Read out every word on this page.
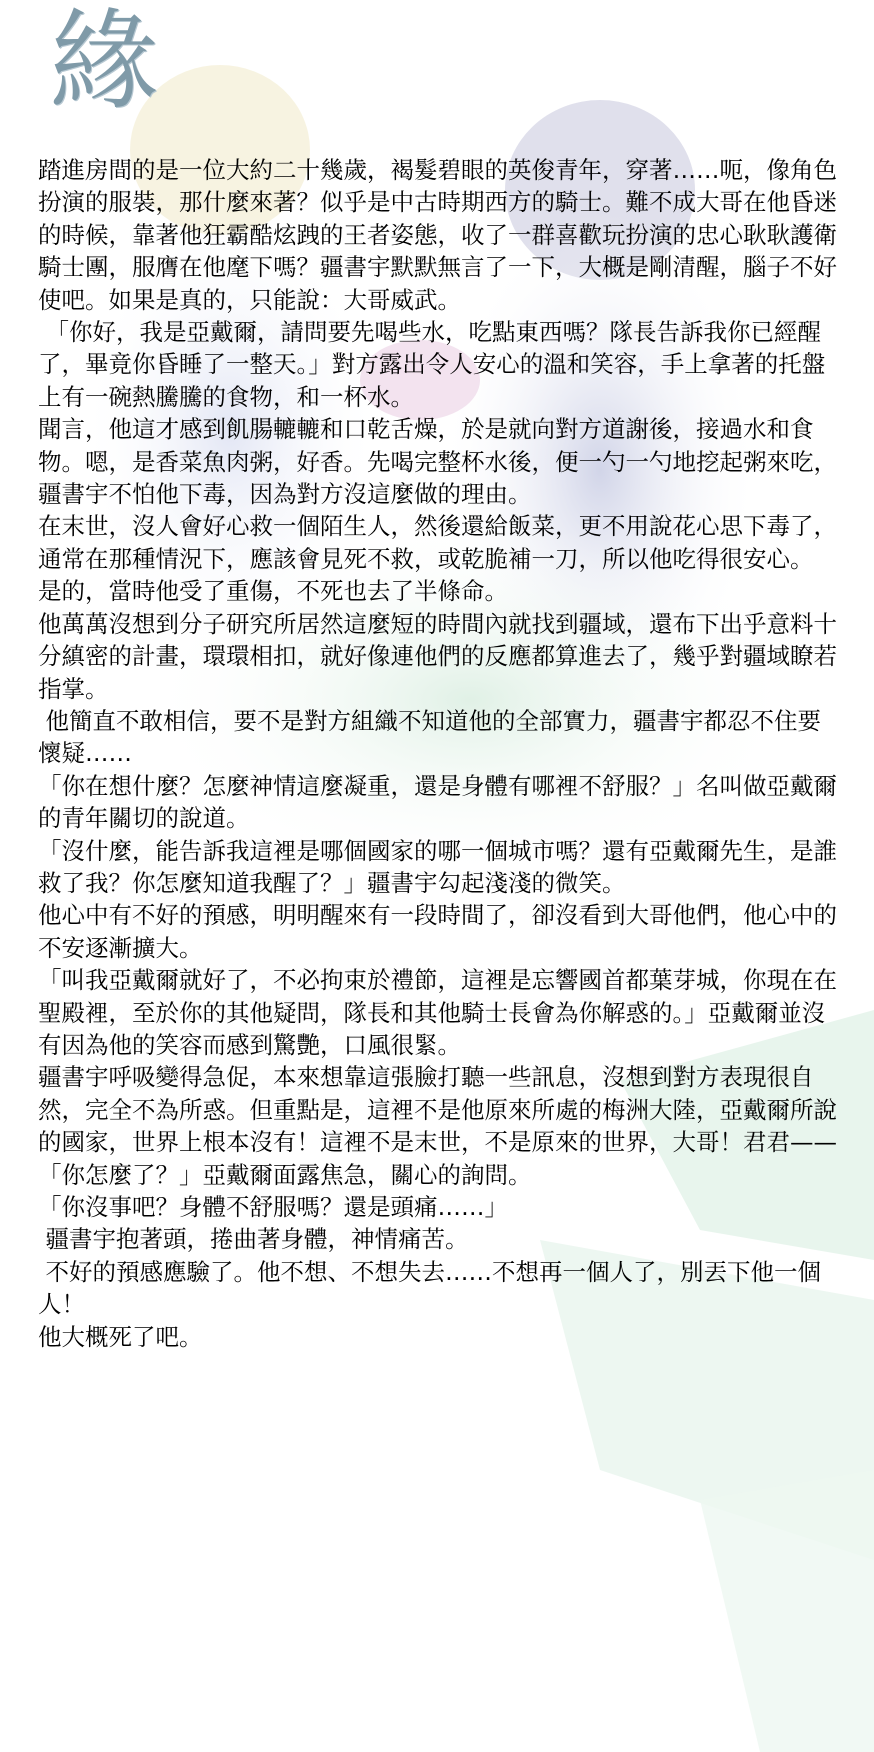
緣

踏進房間的是一位大約二十幾歲，褐髮碧眼的英俊青年，穿著……呃，像角色扮演的服裝，那什麼來著？似乎是中古時期西方的騎士。難不成大哥在他昏迷的時候，靠著他狂霸酷炫跩的王者姿態，收了一群喜歡玩扮演的忠心耿耿護衛騎士團，服膺在他麾下嗎？疆書宇默默無言了一下，大概是剛清醒，腦子不好使吧。如果是真的，只能說：大哥威武。

「你好，我是亞戴爾，請問要先喝些水，吃點東西嗎？隊長告訴我你已經醒了，畢竟你昏睡了一整天。」對方露出令人安心的溫和笑容，手上拿著的托盤上有一碗熱騰騰的食物，和一杯水。

聞言，他這才感到飢腸轆轆和口乾舌燥，於是就向對方道謝後，接過水和食物。嗯，是香菜魚肉粥，好香。先喝完整杯水後，便一勺一勺地挖起粥來吃，疆書宇不怕他下毒，因為對方沒這麼做的理由。

在末世，沒人會好心救一個陌生人，然後還給飯菜，更不用說花心思下毒了，通常在那種情況下，應該會見死不救，或乾脆補一刀，所以他吃得很安心。

是的，當時他受了重傷，不死也去了半條命。

他萬萬沒想到分子研究所居然這麼短的時間內就找到疆域，還布下出乎意料十分縝密的計畫，環環相扣，就好像連他們的反應都算進去了，幾乎對疆域瞭若指掌。

他簡直不敢相信，要不是對方組織不知道他的全部實力，疆書宇都忍不住要懷疑……

「你在想什麼？怎麼神情這麼凝重，還是身體有哪裡不舒服？」名叫做亞戴爾的青年關切的說道。

「沒什麼，能告訴我這裡是哪個國家的哪一個城市嗎？還有亞戴爾先生，是誰救了我？你怎麼知道我醒了？」疆書宇勾起淺淺的微笑。

他心中有不好的預感，明明醒來有一段時間了，卻沒看到大哥他們，他心中的不安逐漸擴大。

「叫我亞戴爾就好了，不必拘束於禮節，這裡是忘響國首都葉芽城，你現在在聖殿裡，至於你的其他疑問，隊長和其他騎士長會為你解惑的。」亞戴爾並沒有因為他的笑容而感到驚艷，口風很緊。

疆書宇呼吸變得急促，本來想靠這張臉打聽一些訊息，沒想到對方表現很自然，完全不為所惑。但重點是，這裡不是他原來所處的梅洲大陸，亞戴爾所說的國家，世界上根本沒有！這裡不是末世，不是原來的世界，大哥！君君——

「你怎麼了？」亞戴爾面露焦急，關心的詢問。

「你沒事吧？身體不舒服嗎？還是頭痛……」

疆書宇抱著頭，捲曲著身體，神情痛苦。

不好的預感應驗了。他不想、不想失去……不想再一個人了，別丟下他一個人！

他大概死了吧。
